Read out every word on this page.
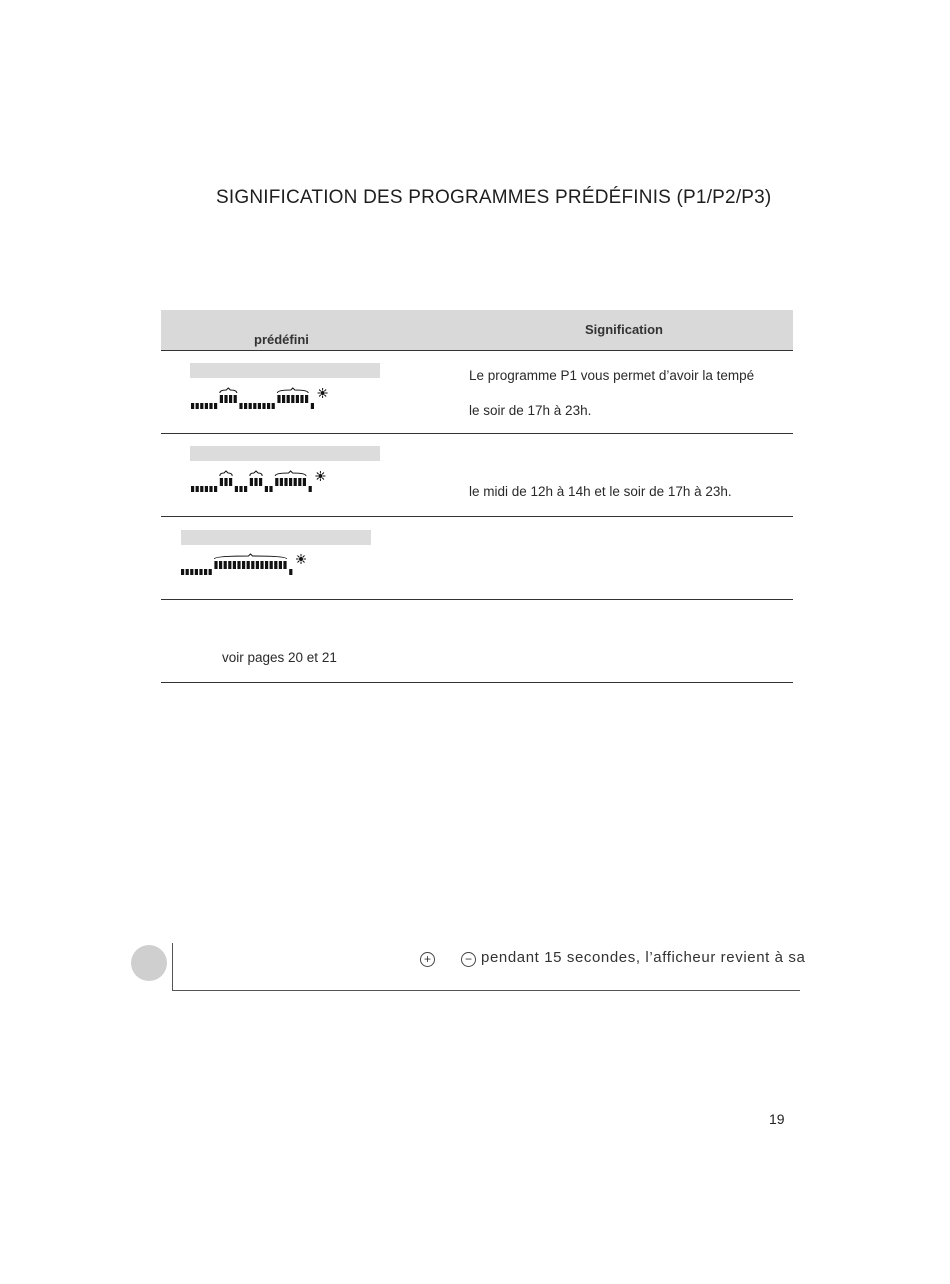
SIGNIFICATION DES PROGRAMMES PRÉDÉFINIS (P1/P2/P3)
prédéfini
Signification
Le programme P1 vous permet d’avoir la tempé
le soir de 17h à 23h.
le midi de 12h à 14h et le soir de 17h à 23h.
voir pages 20 et 21
+	− pendant 15 secondes, l’afficheur revient à sa
19
